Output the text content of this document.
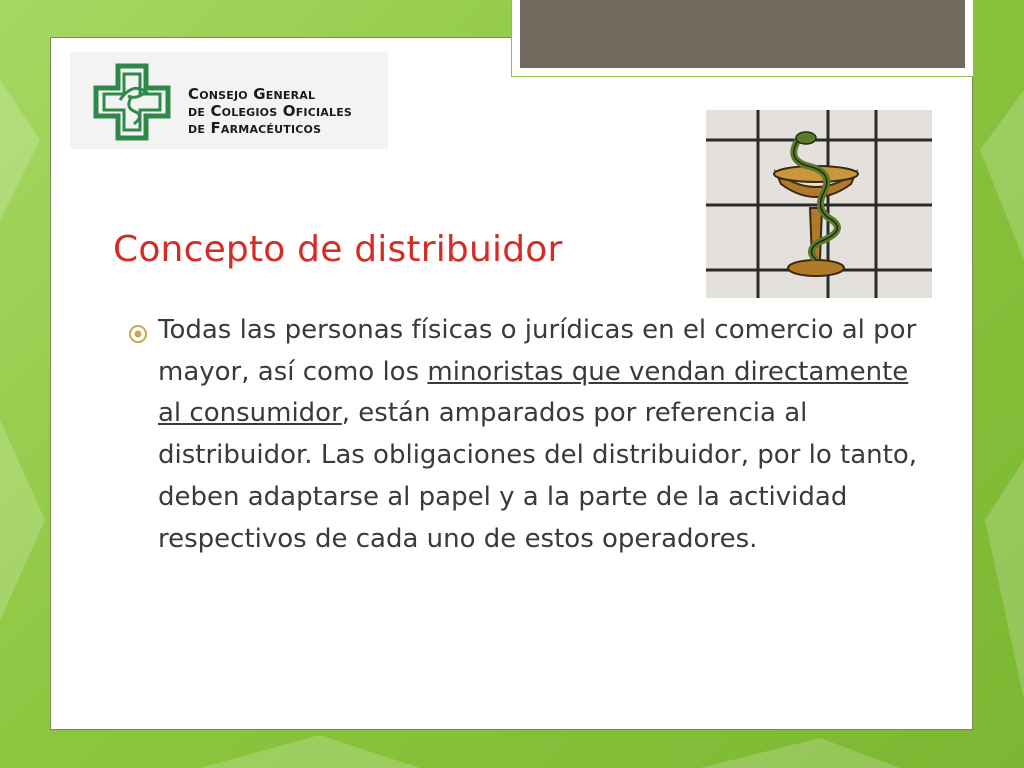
Consejo General
de Colegios Oficiales
de Farmacéuticos
Concepto de distribuidor

Todas las personas físicas o jurídicas en el comercio al por mayor, así como los minoristas que vendan directamente al consumidor, están amparados por referencia al distribuidor. Las obligaciones del distribuidor, por lo tanto, deben adaptarse al papel y a la parte de la actividad respectivos de cada uno de estos operadores.
